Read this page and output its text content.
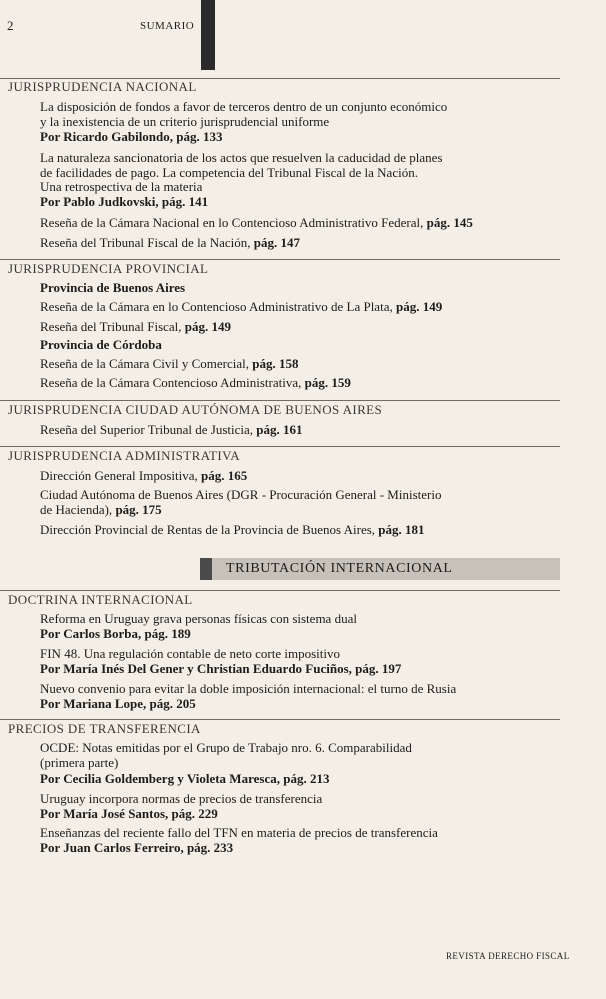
2	SUMARIO
JURISPRUDENCIA NACIONAL
La disposición de fondos a favor de terceros dentro de un conjunto económico
y la inexistencia de un criterio jurisprudencial uniforme
Por Ricardo Gabilondo, pág. 133
La naturaleza sancionatoria de los actos que resuelven la caducidad de planes
de facilidades de pago. La competencia del Tribunal Fiscal de la Nación.
Una retrospectiva de la materia
Por Pablo Judkovski, pág. 141
Reseña de la Cámara Nacional en lo Contencioso Administrativo Federal, pág. 145
Reseña del Tribunal Fiscal de la Nación, pág. 147
JURISPRUDENCIA PROVINCIAL
Provincia de Buenos Aires
Reseña de la Cámara en lo Contencioso Administrativo de La Plata, pág. 149
Reseña del Tribunal Fiscal, pág. 149
Provincia de Córdoba
Reseña de la Cámara Civil y Comercial, pág. 158
Reseña de la Cámara Contencioso Administrativa, pág. 159
JURISPRUDENCIA CIUDAD AUTÓNOMA DE BUENOS AIRES
Reseña del Superior Tribunal de Justicia, pág. 161
JURISPRUDENCIA ADMINISTRATIVA
Dirección General Impositiva, pág. 165
Ciudad Autónoma de Buenos Aires (DGR - Procuración General - Ministerio
de Hacienda), pág. 175
Dirección Provincial de Rentas de la Provincia de Buenos Aires, pág. 181
TRIBUTACIÓN INTERNACIONAL
DOCTRINA INTERNACIONAL
Reforma en Uruguay grava personas físicas con sistema dual
Por Carlos Borba, pág. 189
FIN 48. Una regulación contable de neto corte impositivo
Por María Inés Del Gener y Christian Eduardo Fuciños, pág. 197
Nuevo convenio para evitar la doble imposición internacional: el turno de Rusia
Por Mariana Lope, pág. 205
PRECIOS DE TRANSFERENCIA
OCDE: Notas emitidas por el Grupo de Trabajo nro. 6. Comparabilidad
(primera parte)
Por Cecilia Goldemberg y Violeta Maresca, pág. 213
Uruguay incorpora normas de precios de transferencia
Por María José Santos, pág. 229
Enseñanzas del reciente fallo del TFN en materia de precios de transferencia
Por Juan Carlos Ferreiro, pág. 233
REVISTA DERECHO FISCAL
